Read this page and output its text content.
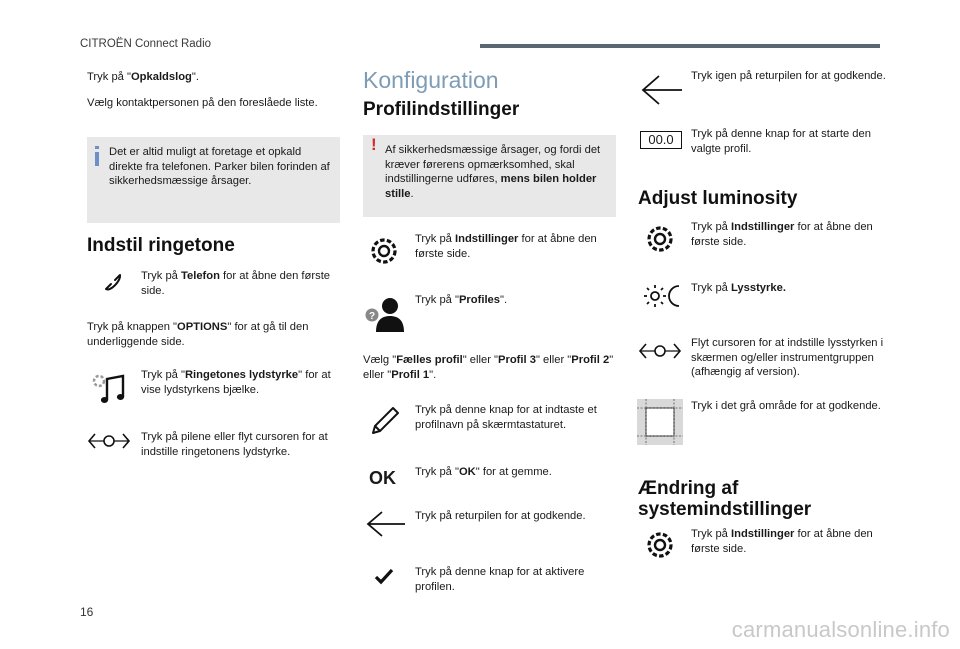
CITROËN Connect Radio
Tryk på "Opkaldslog".
Vælg kontaktpersonen på den foreslåede liste.
Det er altid muligt at foretage et opkald direkte fra telefonen. Parker bilen forinden af sikkerhedsmæssige årsager.
Indstil ringetone
Tryk på Telefon for at åbne den første side.
Tryk på knappen "OPTIONS" for at gå til den underliggende side.
Tryk på "Ringetones lydstyrke" for at vise lydstyrkens bjælke.
Tryk på pilene eller flyt cursoren for at indstille ringetonens lydstyrke.
Konfiguration
Profilindstillinger
! Af sikkerhedsmæssige årsager, og fordi det kræver førerens opmærksomhed, skal indstillingerne udføres, mens bilen holder stille.
Tryk på Indstillinger for at åbne den første side.
?
Tryk på "Profiles".
Vælg "Fælles profil" eller "Profil 3" eller "Profil 2" eller "Profil 1".
Tryk på denne knap for at indtaste et profilnavn på skærmtastaturet.
OK Tryk på "OK" for at gemme.
Tryk på returpilen for at godkende.
Tryk på denne knap for at aktivere profilen.
Tryk igen på returpilen for at godkende.
00.0	Tryk på denne knap for at starte den valgte profil.
Adjust luminosity
Tryk på Indstillinger for at åbne den første side.
Tryk på Lysstyrke.
Flyt cursoren for at indstille lysstyrken i skærmen og/eller instrumentgruppen (afhængig af version).
Tryk i det grå område for at godkende.
Ændring af
systemindstillinger
Tryk på Indstillinger for at åbne den første side.
16
carmanualsonline.info
